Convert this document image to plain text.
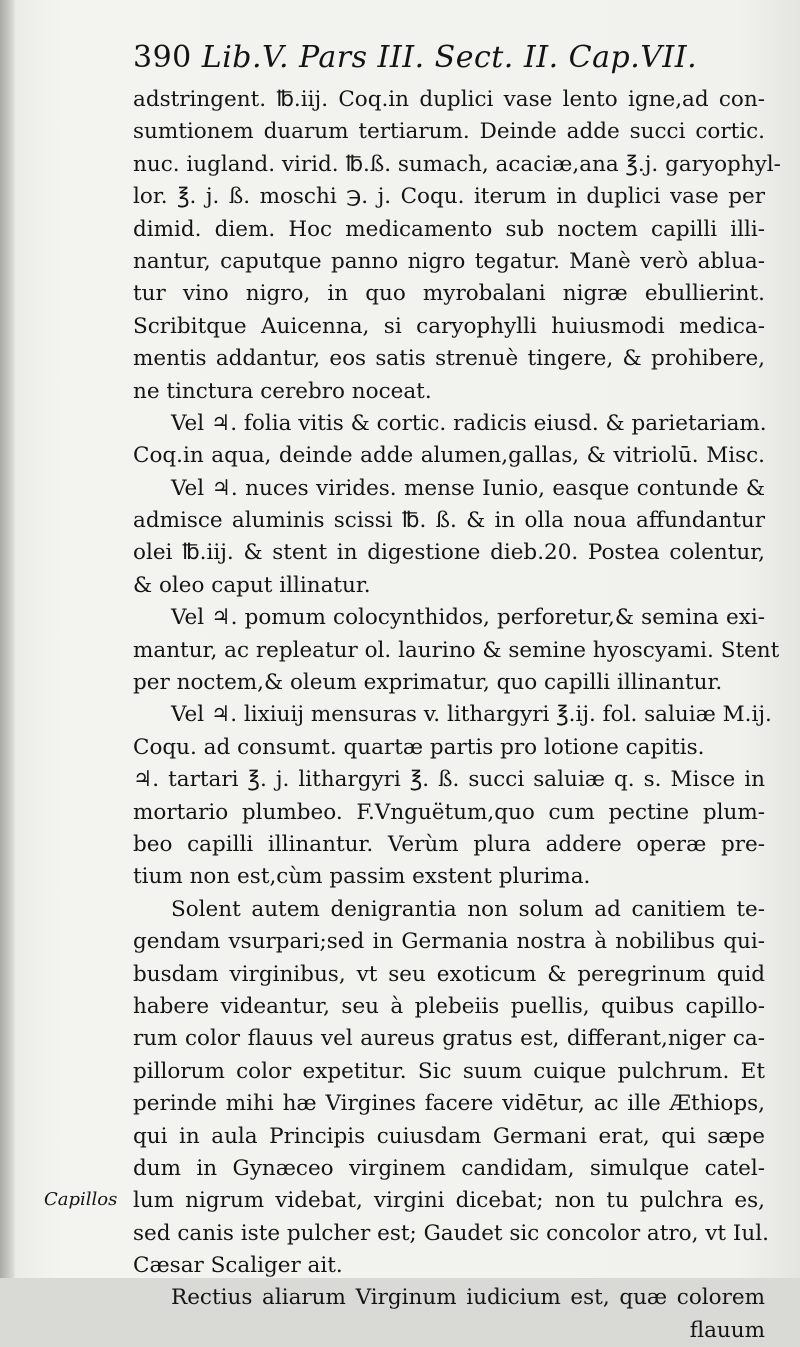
390 Lib.V. Pars III. Sect. II. Cap.VII.
adstringent. ℔.iij. Coq.in duplici vase lento igne,ad con-
sumtionem duarum tertiarum. Deinde adde succi cortic.
nuc. iugland. virid. ℔.ß. sumach, acaciæ,ana ℥.j. garyophyl-
lor. ℥. j. ß. moschi ℈. j. Coqu. iterum in duplici vase per
dimid. diem. Hoc medicamento sub noctem capilli illi-
nantur, caputque panno nigro tegatur. Manè verò ablua-
tur vino nigro, in quo myrobalani nigræ ebullierint.
Scribitque Auicenna, si caryophylli huiusmodi medica-
mentis addantur, eos satis strenuè tingere, & prohibere,
ne tinctura cerebro noceat.
Vel ♃. folia vitis & cortic. radicis eiusd. & parietariam.
Coq.in aqua, deinde adde alumen,gallas, & vitriolū. Misc.
Vel ♃. nuces virides. mense Iunio, easque contunde &
admisce aluminis scissi ℔. ß. & in olla noua affundantur
olei ℔.iij. & stent in digestione dieb.20. Postea colentur,
& oleo caput illinatur.
Vel ♃. pomum colocynthidos, perforetur,& semina exi-
mantur, ac repleatur ol. laurino & semine hyoscyami. Stent
per noctem,& oleum exprimatur, quo capilli illinantur.
Vel ♃. lixiuij mensuras v. lithargyri ℥.ij. fol. saluiæ M.ij.
Coqu. ad consumt. quartæ partis pro lotione capitis.
♃. tartari ℥. j. lithargyri ℥. ß. succi saluiæ q. s. Misce in
mortario plumbeo. F.Vnguëtum,quo cum pectine plum-
beo capilli illinantur. Verùm plura addere operæ pre-
tium non est,cùm passim exstent plurima.
Solent autem denigrantia non solum ad canitiem te-
gendam vsurpari;sed in Germania nostra à nobilibus qui-
busdam virginibus, vt seu exoticum & peregrinum quid
habere videantur, seu à plebeiis puellis, quibus capillo-
rum color flauus vel aureus gratus est, differant,niger ca-
pillorum color expetitur. Sic suum cuique pulchrum. Et
perinde mihi hæ Virgines facere vidētur, ac ille Æthiops,
qui in aula Principis cuiusdam Germani erat, qui sæpe
dum in Gynæceo virginem candidam, simulque catel-
lum nigrum videbat, virgini dicebat; non tu pulchra es,
sed canis iste pulcher est; Gaudet sic concolor atro, vt Iul.
Cæsar Scaliger ait.
Rectius aliarum Virginum iudicium est, quæ colorem
flauum
Capillos
